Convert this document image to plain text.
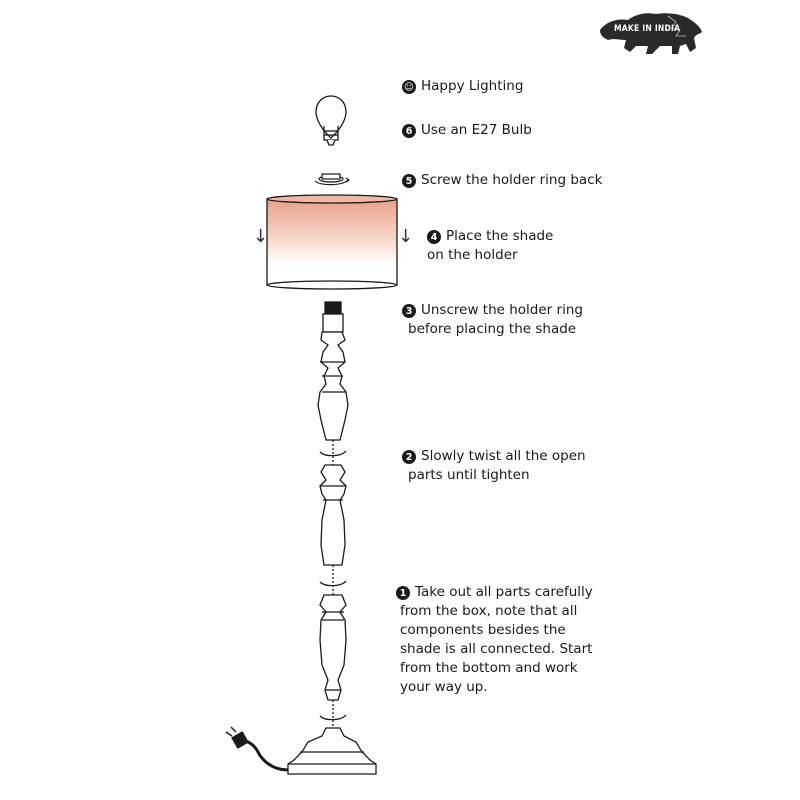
MAKE IN INDIA
↓	↓
☺ Happy Lighting
6 Use an E27 Bulb
5 Screw the holder ring back
4 Place the shade
on the holder
3 Unscrew the holder ring
before placing the shade
2 Slowly twist all the open
parts until tighten
1 Take out all parts carefully
from the box, note that all
components besides the
shade is all connected. Start
from the bottom and work
your way up.
